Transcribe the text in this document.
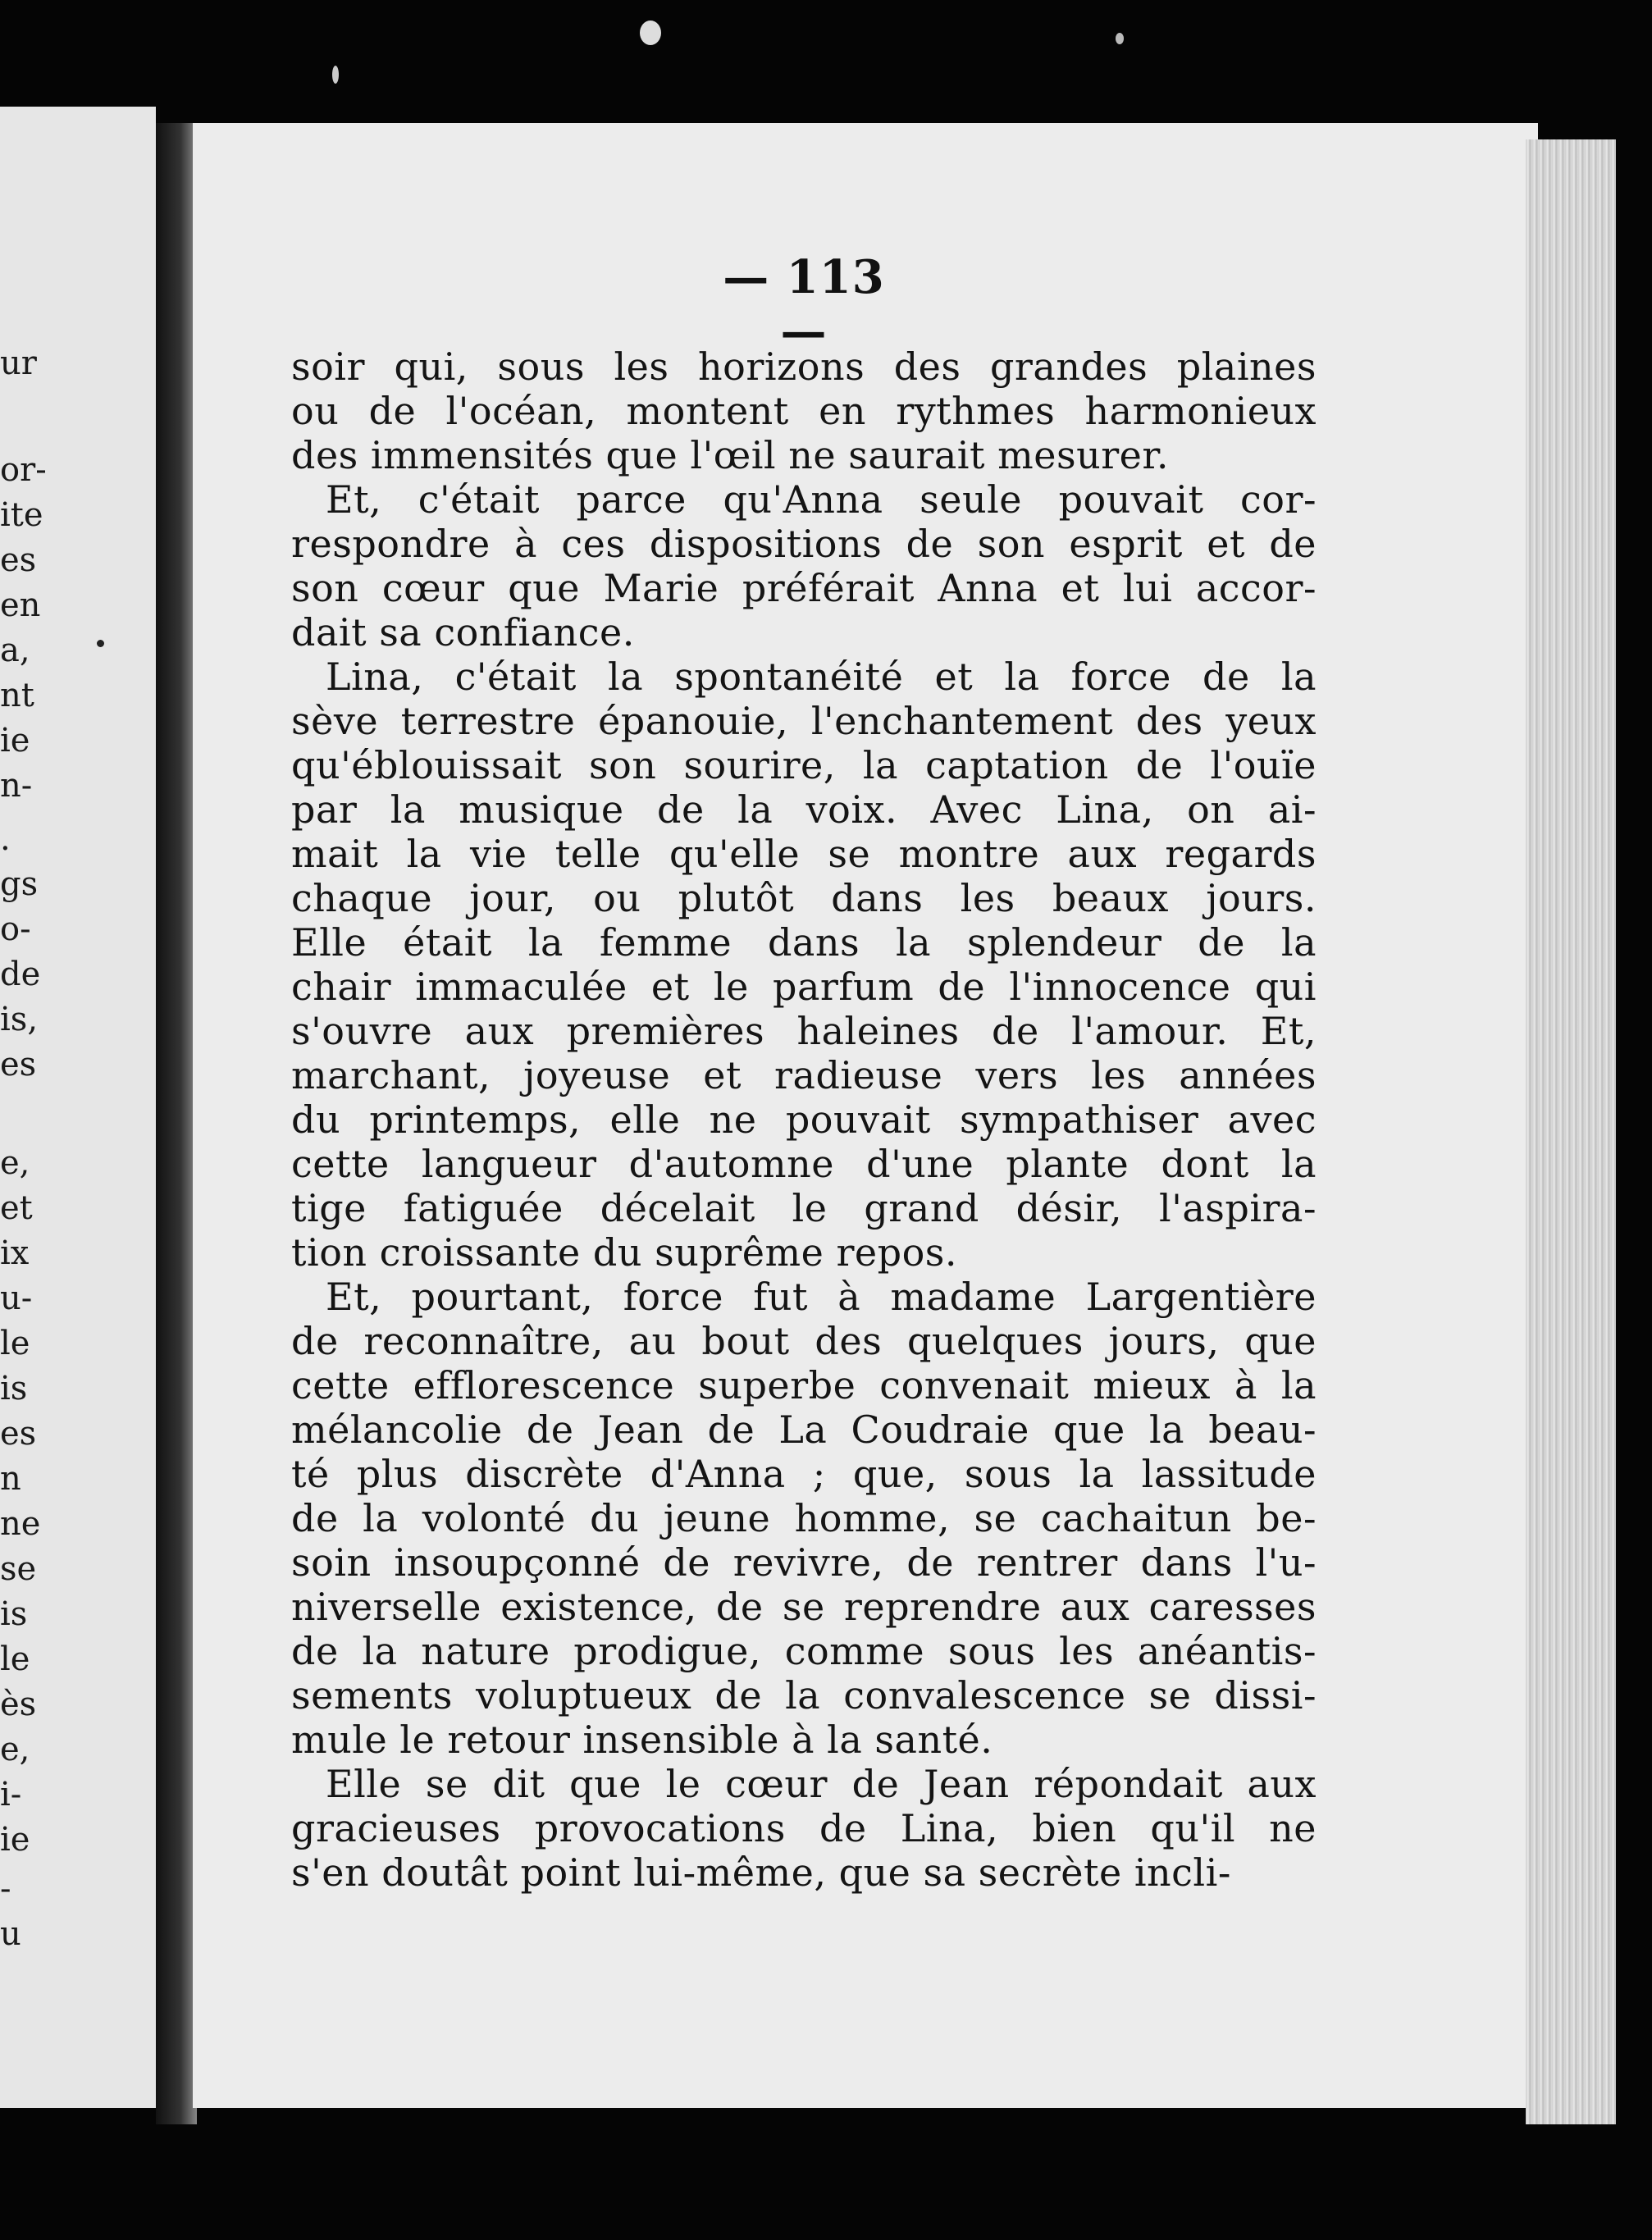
ur
or-
ite
es
en
a,
nt
ie
n-
.
gs
o-
de
is,
es
e,
et
ix
u-
le
is
es
n
ne
se
is
le
ès
e,
i-
ie
-
u
— 113 —
soir qui, sous les horizons des grandes plaines
ou de l'océan, montent en rythmes harmonieux
des immensités que l'œil ne saurait mesurer.
Et, c'était parce qu'Anna seule pouvait cor-
respondre à ces dispositions de son esprit et de
son cœur que Marie préférait Anna et lui accor-
dait sa confiance.
Lina, c'était la spontanéité et la force de la
sève terrestre épanouie, l'enchantement des yeux
qu'éblouissait son sourire, la captation de l'ouïe
par la musique de la voix. Avec Lina, on ai-
mait la vie telle qu'elle se montre aux regards
chaque jour, ou plutôt dans les beaux jours.
Elle était la femme dans la splendeur de la
chair immaculée et le parfum de l'innocence qui
s'ouvre aux premières haleines de l'amour. Et,
marchant, joyeuse et radieuse vers les années
du printemps, elle ne pouvait sympathiser avec
cette langueur d'automne d'une plante dont la
tige fatiguée décelait le grand désir, l'aspira-
tion croissante du suprême repos.
Et, pourtant, force fut à madame Largentière
de reconnaître, au bout des quelques jours, que
cette efflorescence superbe convenait mieux à la
mélancolie de Jean de La Coudraie que la beau-
té plus discrète d'Anna ; que, sous la lassitude
de la volonté du jeune homme, se cachaitun be-
soin insoupçonné de revivre, de rentrer dans l'u-
niverselle existence, de se reprendre aux caresses
de la nature prodigue, comme sous les anéantis-
sements voluptueux de la convalescence se dissi-
mule le retour insensible à la santé.
Elle se dit que le cœur de Jean répondait aux
gracieuses provocations de Lina, bien qu'il ne
s'en doutât point lui-même, que sa secrète incli-
